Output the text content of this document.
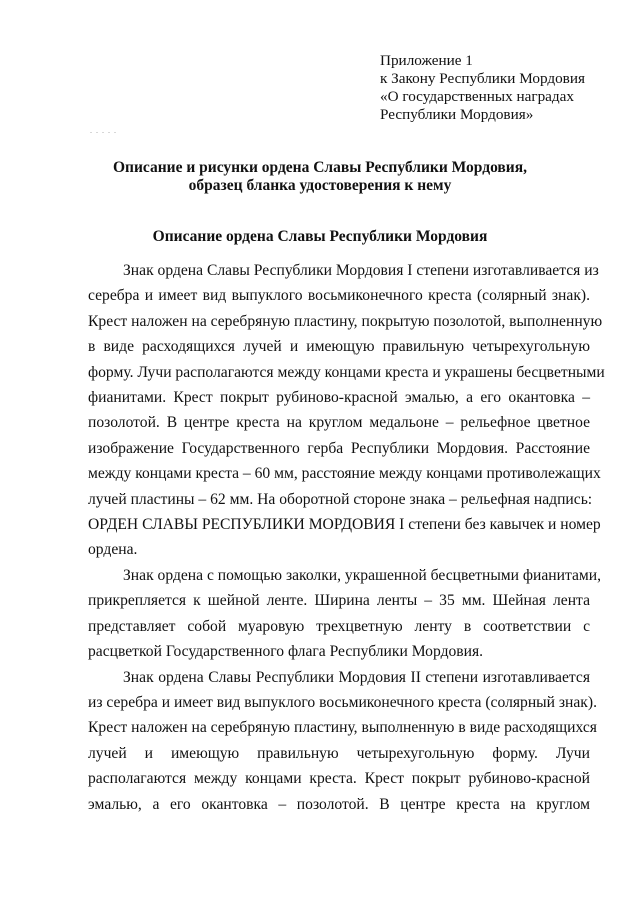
Приложение 1
к Закону Республики Мордовия
«О государственных наградах
Республики Мордовия»
. . . . .
Описание и рисунки ордена Славы Республики Мордовия,
образец бланка удостоверения к нему
Описание ордена Славы Республики Мордовия
Знак ордена Славы Республики Мордовия I степени изготавливается из
серебра и имеет вид выпуклого восьмиконечного креста (солярный знак).
Крест наложен на серебряную пластину, покрытую позолотой, выполненную
в виде расходящихся лучей и имеющую правильную четырехугольную
форму. Лучи располагаются между концами креста и украшены бесцветными
фианитами. Крест покрыт рубиново-красной эмалью, а его окантовка –
позолотой. В центре креста на круглом медальоне – рельефное цветное
изображение Государственного герба Республики Мордовия. Расстояние
между концами креста – 60 мм, расстояние между концами противолежащих
лучей пластины – 62 мм. На оборотной стороне знака – рельефная надпись:
ОРДЕН СЛАВЫ РЕСПУБЛИКИ МОРДОВИЯ I степени без кавычек и номер
ордена.
Знак ордена с помощью заколки, украшенной бесцветными фианитами,
прикрепляется к шейной ленте. Ширина ленты – 35 мм. Шейная лента
представляет собой муаровую трехцветную ленту в соответствии с
расцветкой Государственного флага Республики Мордовия.
Знак ордена Славы Республики Мордовия II степени изготавливается
из серебра и имеет вид выпуклого восьмиконечного креста (солярный знак).
Крест наложен на серебряную пластину, выполненную в виде расходящихся
лучей и имеющую правильную четырехугольную форму. Лучи
располагаются между концами креста. Крест покрыт рубиново-красной
эмалью, а его окантовка – позолотой. В центре креста на круглом
